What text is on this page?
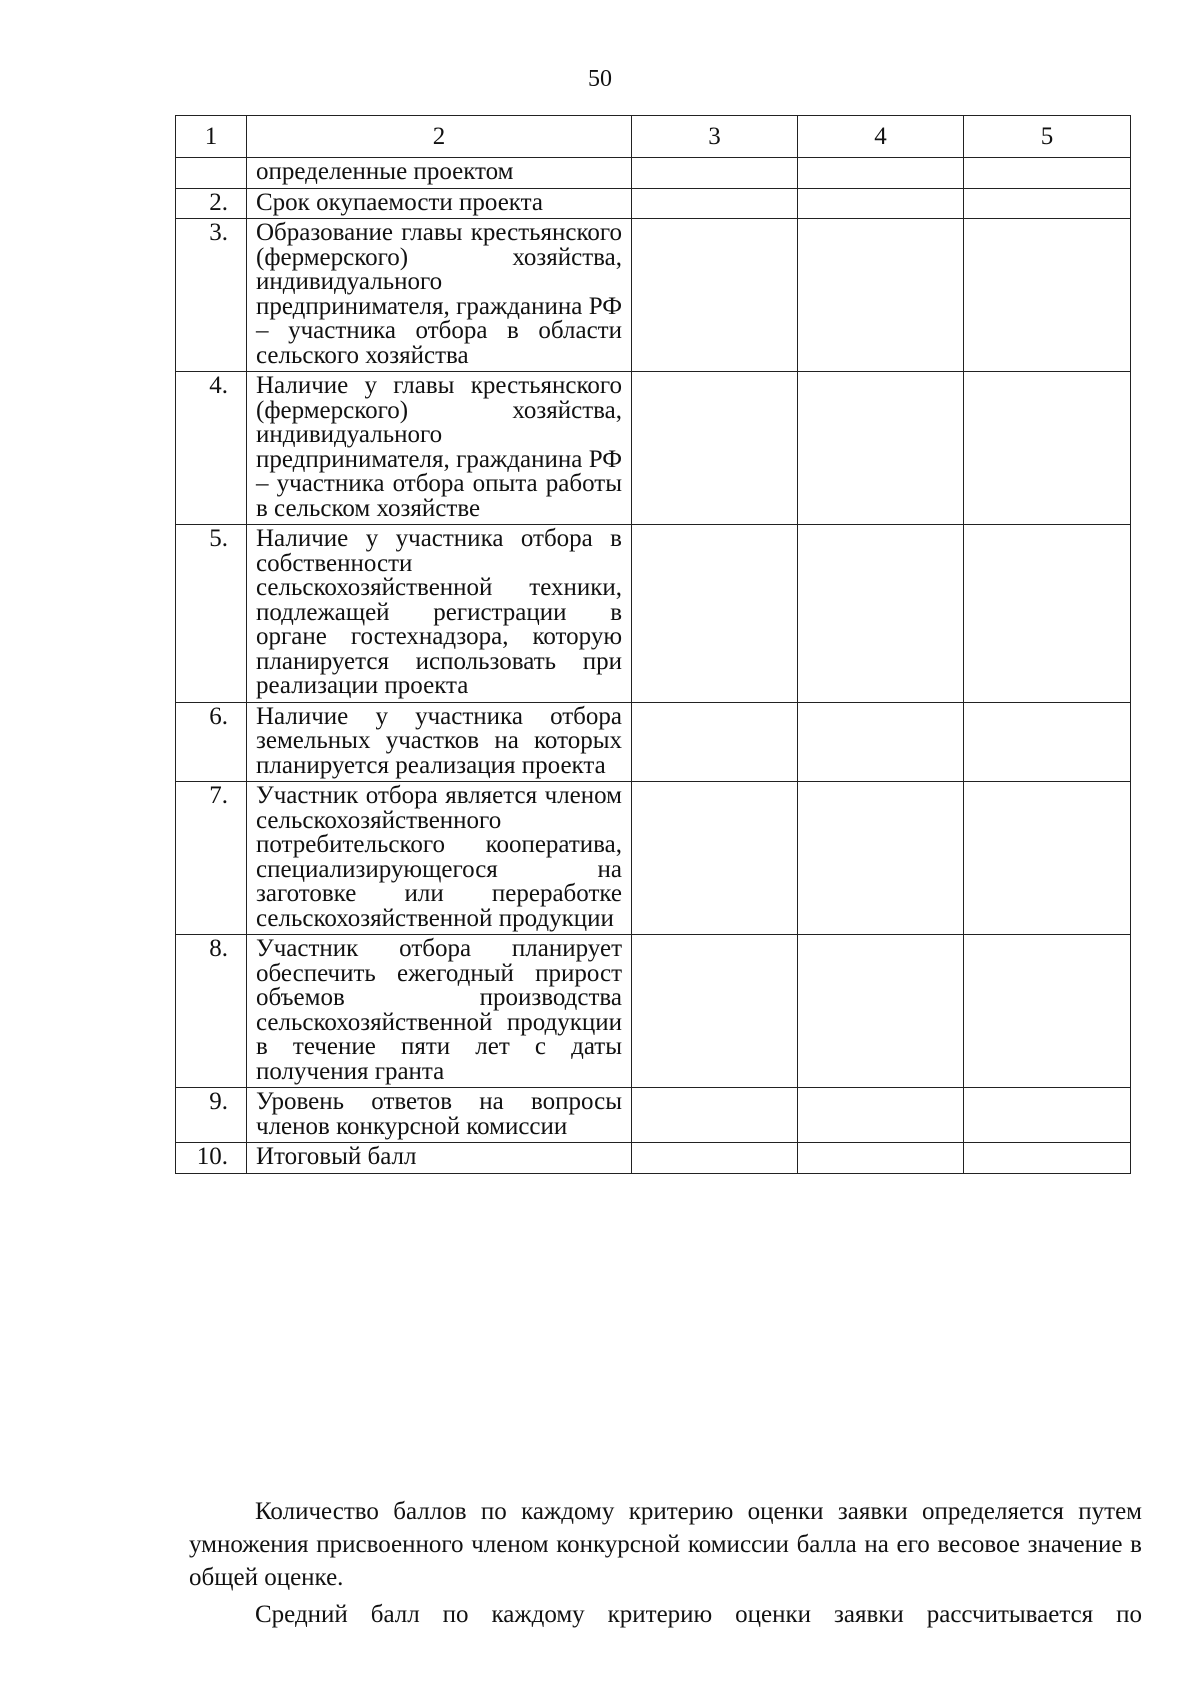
50
1	2	3	4	5
	определенные проектом			
2.	Срок окупаемости проекта			
3.	Образование главы крестьянского (фермерского) хозяйства, индивидуального предпринимателя, гражданина РФ – участника отбора в области сельского хозяйства			
4.	Наличие у главы крестьянского (фермерского) хозяйства, индивидуального предпринимателя, гражданина РФ – участника отбора опыта работы в сельском хозяйстве			
5.	Наличие у участника отбора в собственности сельскохозяйственной техники, подлежащей регистрации в органе гостехнадзора, которую планируется использовать при реализации проекта			
6.	Наличие у участника отбора земельных участков на которых планируется реализация проекта			
7.	Участник отбора является членом сельскохозяйственного потребительского кооператива, специализирующегося на заготовке или переработке сельскохозяйственной продукции			
8.	Участник отбора планирует обеспечить ежегодный прирост объемов производства сельскохозяйственной продукции в течение пяти лет с даты получения гранта			
9.	Уровень ответов на вопросы членов конкурсной комиссии			
10.	Итоговый балл			

Количество баллов по каждому критерию оценки заявки определяется путем умножения присвоенного членом конкурсной комиссии балла на его весовое значение в общей оценке.

Средний балл по каждому критерию оценки заявки рассчитывается по
